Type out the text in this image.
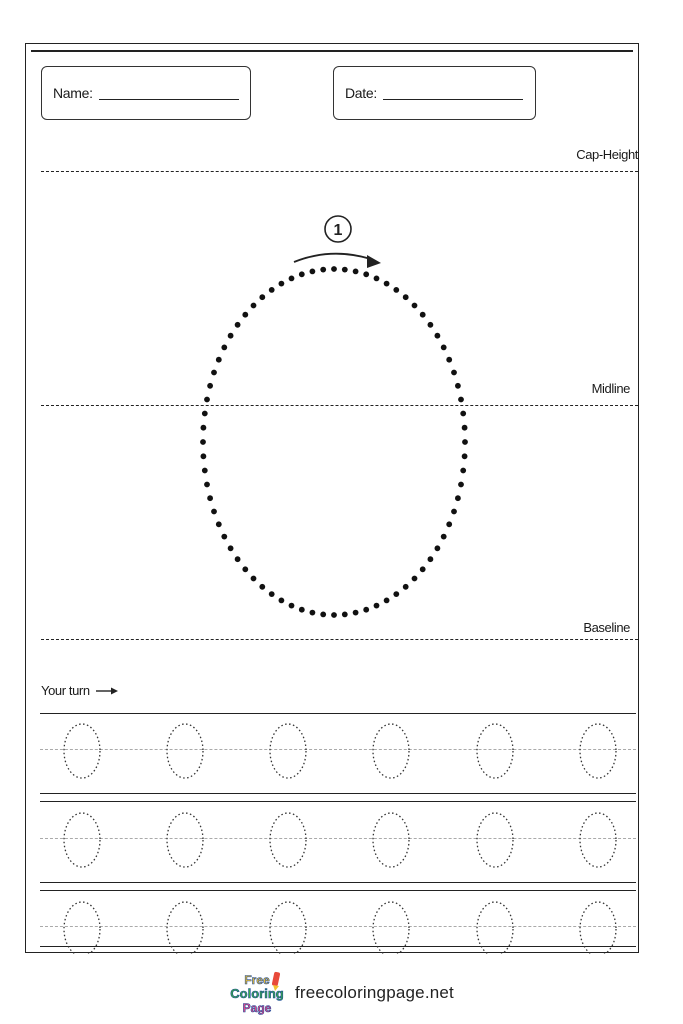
Name:	Date:
Cap-Height
Midline
Baseline
1
Your turn
Free
Coloring
Page
freecoloringpage.net
